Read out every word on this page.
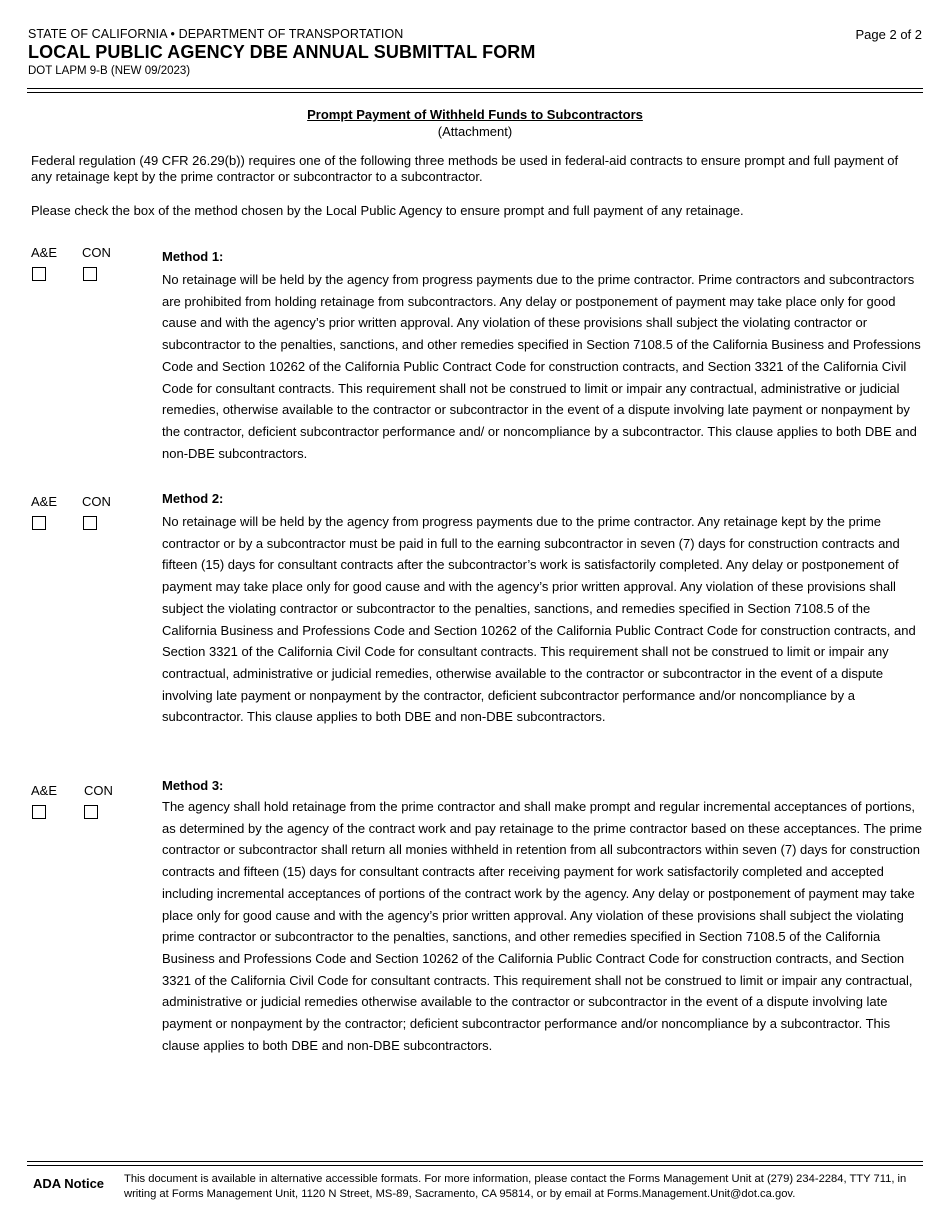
STATE OF CALIFORNIA • DEPARTMENT OF TRANSPORTATION
LOCAL PUBLIC AGENCY DBE ANNUAL SUBMITTAL FORM
DOT LAPM 9-B (NEW 09/2023)
Page 2 of 2
Prompt Payment of Withheld Funds to Subcontractors
(Attachment)
Federal regulation (49 CFR 26.29(b)) requires one of the following three methods be used in federal-aid contracts to ensure prompt and full payment of any retainage kept by the prime contractor or subcontractor to a subcontractor.
Please check the box of the method chosen by the Local Public Agency to ensure prompt and full payment of any retainage.
A&E CON	Method 1:
No retainage will be held by the agency from progress payments due to the prime contractor. Prime contractors and subcontractors are prohibited from holding retainage from subcontractors. Any delay or postponement of payment may take place only for good cause and with the agency’s prior written approval. Any violation of these provisions shall subject the violating contractor or subcontractor to the penalties, sanctions, and other remedies specified in Section 7108.5 of the California Business and Professions Code and Section 10262 of the California Public Contract Code for construction contracts, and Section 3321 of the California Civil Code for consultant contracts. This requirement shall not be construed to limit or impair any contractual, administrative or judicial remedies, otherwise available to the contractor or subcontractor in the event of a dispute involving late payment or nonpayment by the contractor, deficient subcontractor performance and/ or noncompliance by a subcontractor. This clause applies to both DBE and non-DBE subcontractors.
A&E CON	Method 2:
No retainage will be held by the agency from progress payments due to the prime contractor. Any retainage kept by the prime contractor or by a subcontractor must be paid in full to the earning subcontractor in seven (7) days for construction contracts and fifteen (15) days for consultant contracts after the subcontractor’s work is satisfactorily completed. Any delay or postponement of payment may take place only for good cause and with the agency’s prior written approval. Any violation of these provisions shall subject the violating contractor or subcontractor to the penalties, sanctions, and remedies specified in Section 7108.5 of the California Business and Professions Code and Section 10262 of the California Public Contract Code for construction contracts, and Section 3321 of the California Civil Code for consultant contracts. This requirement shall not be construed to limit or impair any contractual, administrative or judicial remedies, otherwise available to the contractor or subcontractor in the event of a dispute involving late payment or nonpayment by the contractor, deficient subcontractor performance and/or noncompliance by a subcontractor. This clause applies to both DBE and non-DBE subcontractors.
A&E CON	Method 3:
The agency shall hold retainage from the prime contractor and shall make prompt and regular incremental acceptances of portions, as determined by the agency of the contract work and pay retainage to the prime contractor based on these acceptances. The prime contractor or subcontractor shall return all monies withheld in retention from all subcontractors within seven (7) days for construction contracts and fifteen (15) days for consultant contracts after receiving payment for work satisfactorily completed and accepted including incremental acceptances of portions of the contract work by the agency. Any delay or postponement of payment may take place only for good cause and with the agency’s prior written approval. Any violation of these provisions shall subject the violating prime contractor or subcontractor to the penalties, sanctions, and other remedies specified in Section 7108.5 of the California Business and Professions Code and Section 10262 of the California Public Contract Code for construction contracts, and Section 3321 of the California Civil Code for consultant contracts. This requirement shall not be construed to limit or impair any contractual, administrative or judicial remedies otherwise available to the contractor or subcontractor in the event of a dispute involving late payment or nonpayment by the contractor; deficient subcontractor performance and/or noncompliance by a subcontractor. This clause applies to both DBE and non-DBE subcontractors.
ADA Notice This document is available in alternative accessible formats. For more information, please contact the Forms Management Unit at (279) 234-2284, TTY 711, in writing at Forms Management Unit, 1120 N Street, MS-89, Sacramento, CA 95814, or by email at Forms.Management.Unit@dot.ca.gov.
